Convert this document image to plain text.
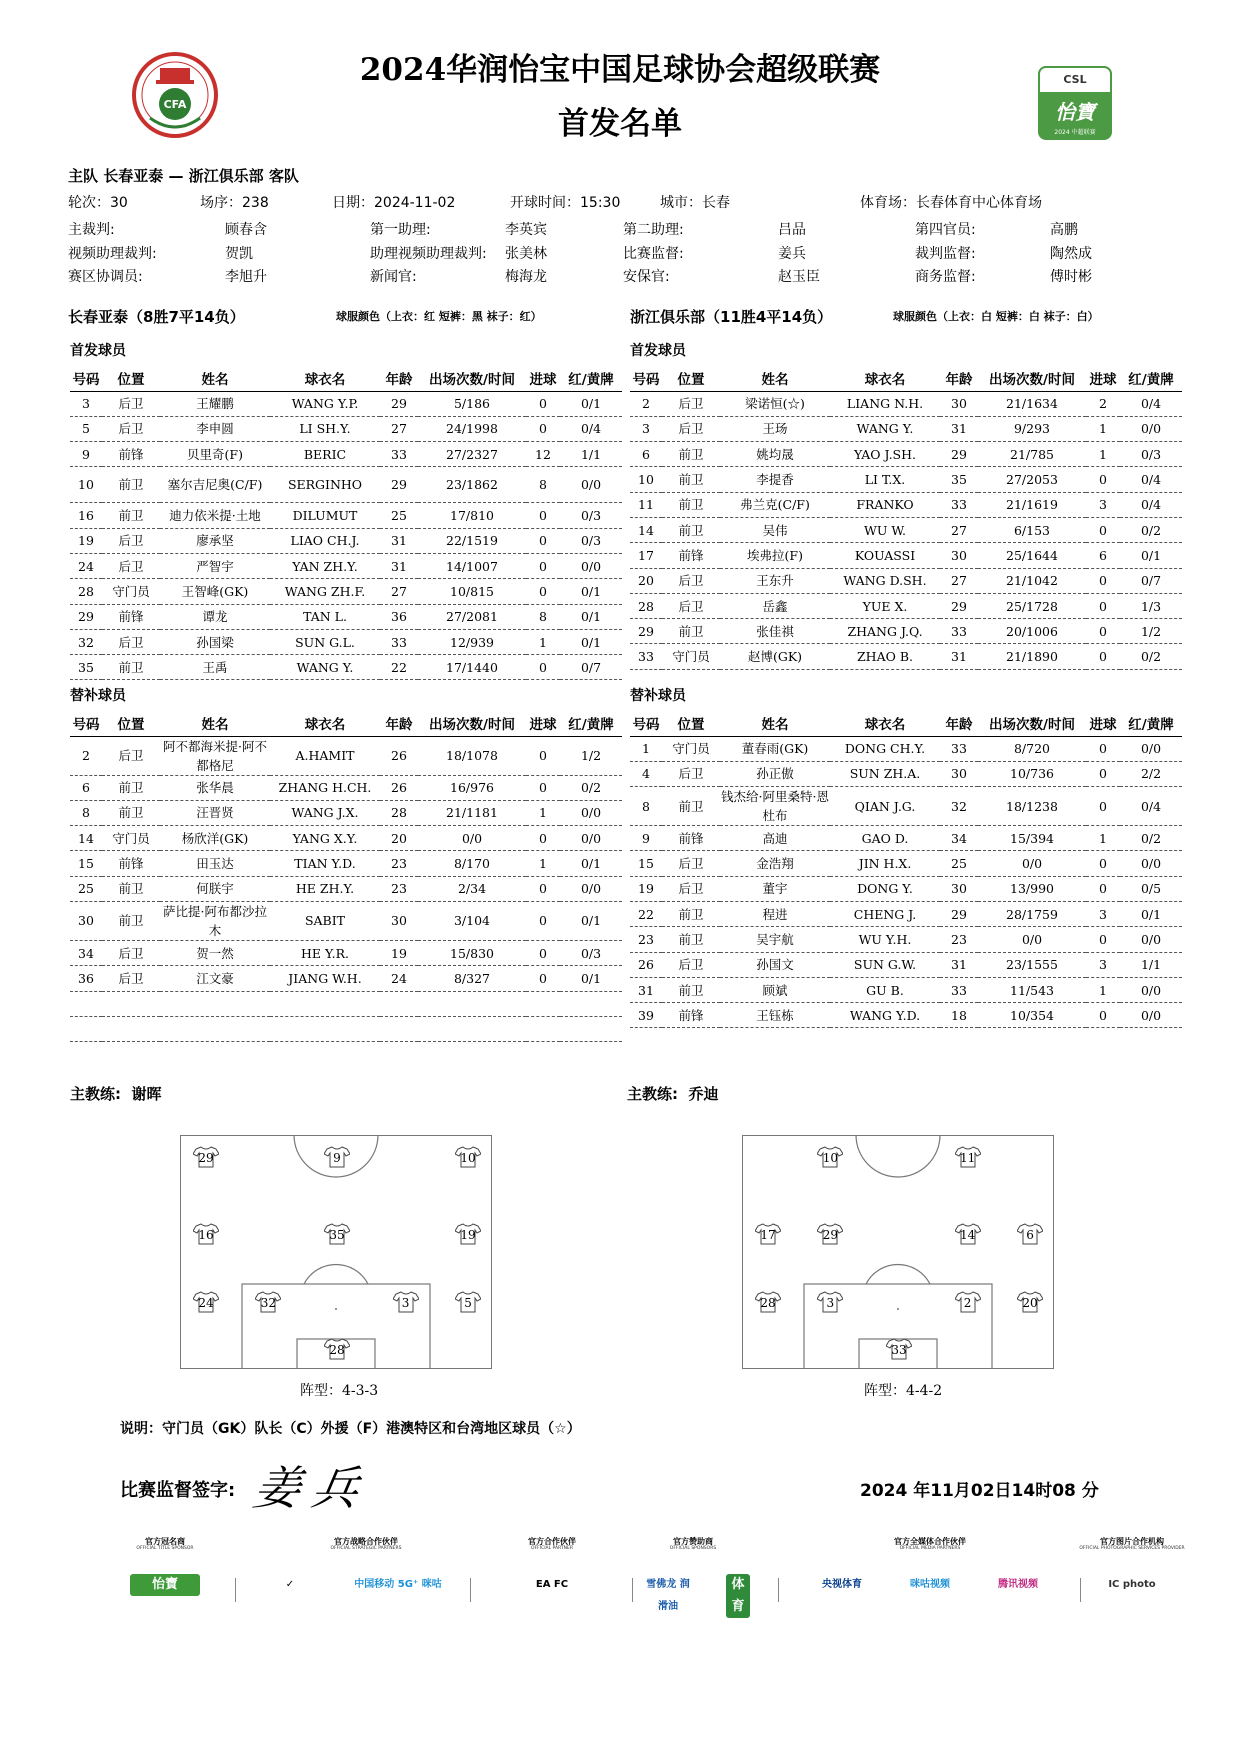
CFA
2024华润怡宝中国足球协会超级联赛
首发名单
CSL
怡寶
2024 中超联赛
主队 长春亚泰 — 浙江俱乐部 客队
轮次：30	场序：238	日期：2024-11-02	开球时间：15:30	城市：长春	体育场：长春体育中心体育场
主裁判:	顾春含	第一助理:	李英宾	第二助理:	吕品	第四官员:	高鹏
视频助理裁判:	贺凯	助理视频助理裁判: 张美林	比赛监督:	姜兵	裁判监督:	陶然成
赛区协调员:	李旭升	新闻官:	梅海龙	安保官:	赵玉臣	商务监督:	傅时彬
长春亚泰（8胜7平14负）	球服颜色（上衣：红 短裤：黑 袜子：红）	浙江俱乐部（11胜4平14负）	球服颜色（上衣：白 短裤：白 袜子：白）
首发球员	首发球员
号码	位置	姓名	球衣名	年龄	出场次数/时间	进球	红/黄牌
3	后卫	王耀鹏	WANG Y.P.	29	5/186	0	0/1
5	后卫	李申圆	LI SH.Y.	27	24/1998	0	0/4
9	前锋	贝里奇(F)	BERIC	33	27/2327	12	1/1
10	前卫	塞尔吉尼奥(C/F)	SERGINHO	29	23/1862	8	0/0
16	前卫	迪力依米提·土地	DILUMUT	25	17/810	0	0/3
19	后卫	廖承坚	LIAO CH.J.	31	22/1519	0	0/3
24	后卫	严智宇	YAN ZH.Y.	31	14/1007	0	0/0
28	守门员	王智峰(GK)	WANG ZH.F.	27	10/815	0	0/1
29	前锋	谭龙	TAN L.	36	27/2081	8	0/1
32	后卫	孙国梁	SUN G.L.	33	12/939	1	0/1
35	前卫	王禹	WANG Y.	22	17/1440	0	0/7
号码	位置	姓名	球衣名	年龄	出场次数/时间	进球	红/黄牌
2	后卫	梁诺恒(☆)	LIANG N.H.	30	21/1634	2	0/4
3	后卫	王玚	WANG Y.	31	9/293	1	0/0
6	前卫	姚均晟	YAO J.SH.	29	21/785	1	0/3
10	前卫	李提香	LI T.X.	35	27/2053	0	0/4
11	前卫	弗兰克(C/F)	FRANKO	33	21/1619	3	0/4
14	前卫	吴伟	WU W.	27	6/153	0	0/2
17	前锋	埃弗拉(F)	KOUASSI	30	25/1644	6	0/1
20	后卫	王东升	WANG D.SH.	27	21/1042	0	0/7
28	后卫	岳鑫	YUE X.	29	25/1728	0	1/3
29	前卫	张佳祺	ZHANG J.Q.	33	20/1006	0	1/2
33	守门员	赵博(GK)	ZHAO B.	31	21/1890	0	0/2
替补球员	替补球员
号码	位置	姓名	球衣名	年龄	出场次数/时间	进球	红/黄牌
2	后卫	阿不都海米提·阿不都格尼	A.HAMIT	26	18/1078	0	1/2
6	前卫	张华晨	ZHANG H.CH.	26	16/976	0	0/2
8	前卫	汪晋贤	WANG J.X.	28	21/1181	1	0/0
14	守门员	杨欣洋(GK)	YANG X.Y.	20	0/0	0	0/0
15	前锋	田玉达	TIAN Y.D.	23	8/170	1	0/1
25	前卫	何朕宇	HE ZH.Y.	23	2/34	0	0/0
30	前卫	萨比提·阿布都沙拉木	SABIT	30	3/104	0	0/1
34	后卫	贺一然	HE Y.R.	19	15/830	0	0/3
36	后卫	江文豪	JIANG W.H.	24	8/327	0	0/1

号码	位置	姓名	球衣名	年龄	出场次数/时间	进球	红/黄牌
1	守门员	董春雨(GK)	DONG CH.Y.	33	8/720	0	0/0
4	后卫	孙正傲	SUN ZH.A.	30	10/736	0	2/2
8	前卫	钱杰给·阿里桑特·恩杜布	QIAN J.G.	32	18/1238	0	0/4
9	前锋	高迪	GAO D.	34	15/394	1	0/2
15	后卫	金浩翔	JIN H.X.	25	0/0	0	0/0
19	后卫	董宇	DONG Y.	30	13/990	0	0/5
22	前卫	程进	CHENG J.	29	28/1759	3	0/1
23	前卫	吴宇航	WU Y.H.	23	0/0	0	0/0
26	后卫	孙国文	SUN G.W.	31	23/1555	3	1/1
31	前卫	顾斌	GU B.	33	11/543	1	0/0
39	前锋	王钰栋	WANG Y.D.	18	10/354	0	0/0
主教练: 谢晖	主教练: 乔迪
29	9	10
16	35	19
24	32	3	5
28
10	11
17	29	14	6
28	3	2	20
33
阵型：4-3-3	阵型：4-4-2
说明：守门员（GK）队长（C）外援（F）港澳特区和台湾地区球员（☆）
比赛监督签字: 姜兵	2024 年11月02日14时08 分
官方冠名商
OFFICIAL TITLE SPONSOR
怡寶
官方战略合作伙伴
OFFICIAL STRATEGIC PARTNERS
✓	中国移动 5G⁺ 咪咕
官方合作伙伴
OFFICIAL PARTNER
EA FC
官方赞助商
OFFICIAL SPONSORS
雪佛龙 润滑油
体育
官方全媒体合作伙伴
OFFICIAL MEDIA PARTNERS
央视体育	咪咕视频	腾讯视频
官方图片合作机构
OFFICIAL PHOTOGRAPHIC SERVICES PROVIDER
IC photo
